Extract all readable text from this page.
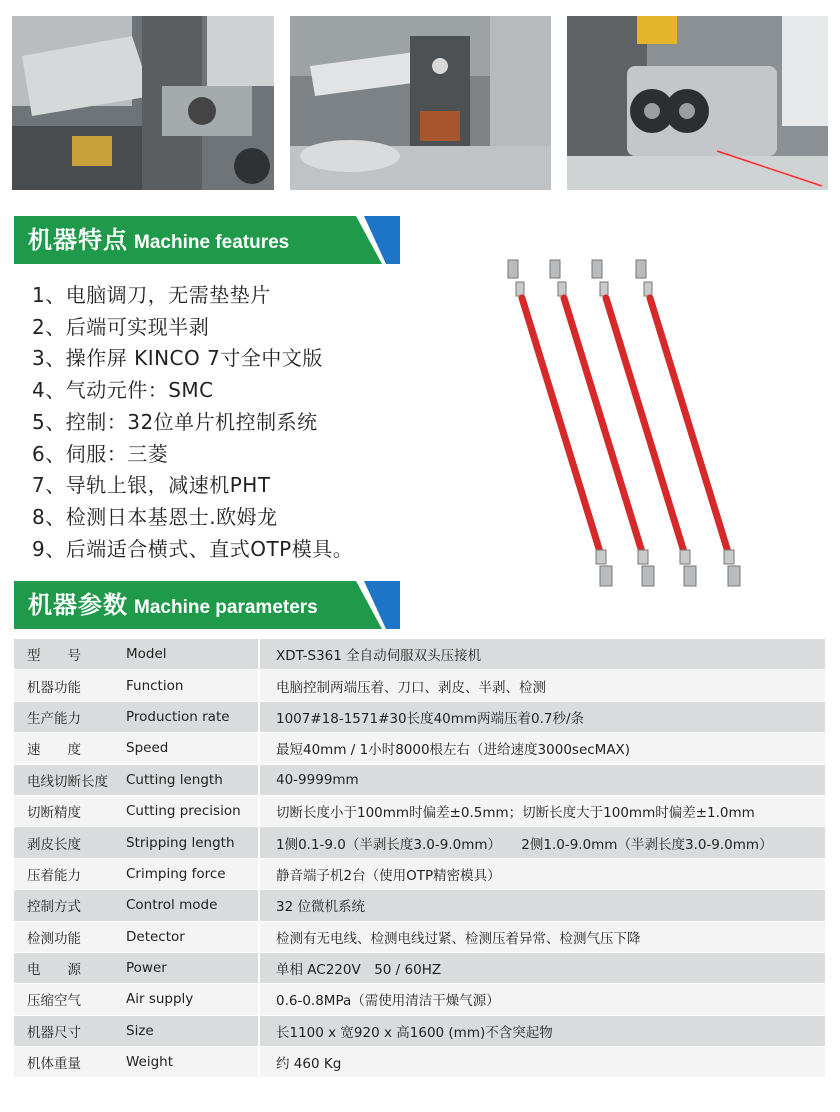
机器特点 Machine features
1、电脑调刀，无需垫垫片
2、后端可实现半剥
3、操作屏 KINCO 7寸全中文版
4、气动元件：SMC
5、控制：32位单片机控制系统
6、伺服：三菱
7、导轨上银，减速机PHT
8、检测日本基恩士.欧姆龙
9、后端适合横式、直式OTP模具。
机器参数 Machine parameters
型　　号	Model	XDT-S361 全自动伺服双头压接机
机器功能	Function	电脑控制两端压着、刀口、剥皮、半剥、检测
生产能力	Production rate	1007#18-1571#30长度40mm两端压着0.7秒/条
速　　度	Speed	最短40mm / 1小时8000根左右（进给速度3000secMAX)
电线切断长度	Cutting length	40-9999mm
切断精度	Cutting precision	切断长度小于100mm时偏差±0.5mm；切断长度大于100mm时偏差±1.0mm
剥皮长度	Stripping length	1侧0.1-9.0（半剥长度3.0-9.0mm）　　2侧1.0-9.0mm（半剥长度3.0-9.0mm）
压着能力	Crimping force	静音端子机2台（使用OTP精密模具）
控制方式	Control mode	32 位微机系统
检测功能	Detector	检测有无电线、检测电线过紧、检测压着异常、检测气压下降
电　　源	Power	单相 AC220V　50 / 60HZ
压缩空气	Air supply	0.6-0.8MPa（需使用清洁干燥气源）
机器尺寸	Size	长1100 x 宽920 x 高1600 (mm)不含突起物
机体重量	Weight	约 460 Kg
